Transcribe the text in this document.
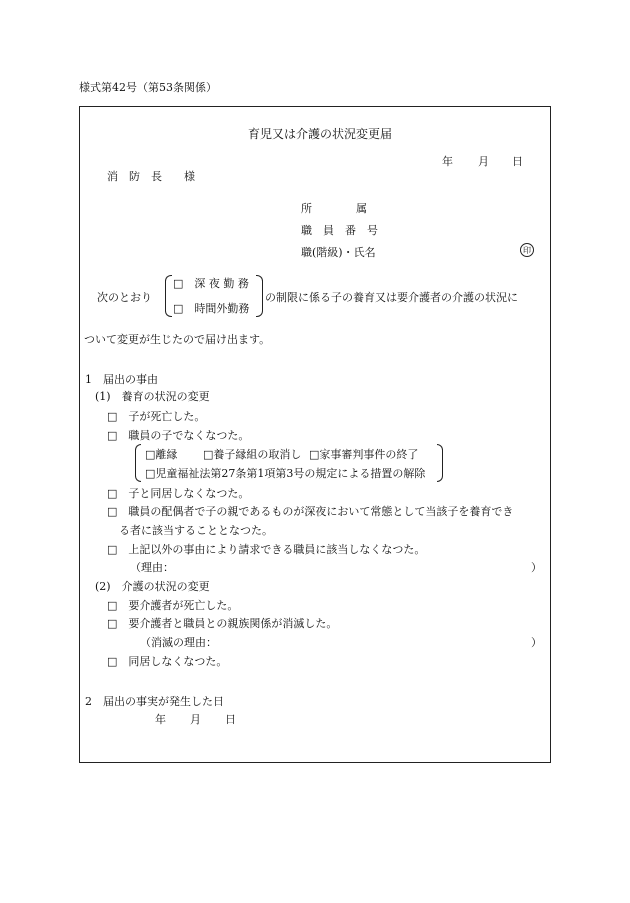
様式第42号（第53条関係）
育児又は介護の状況変更届
年 月 日
消　防　長　　様
所　　　　属
職　員　番　号
職(階級)・氏名	印
次のとおり
□　深 夜 勤 務
□　時間外勤務
の制限に係る子の養育又は要介護者の介護の状況に
ついて変更が生じたので届け出ます。
1　届出の事由
(1)　養育の状況の変更
□　子が死亡した。
□　職員の子でなくなつた。
□離縁 □養子縁組の取消し □家事審判事件の終了
□児童福祉法第27条第1項第3号の規定による措置の解除
□　子と同居しなくなつた。
□　職員の配偶者で子の親であるものが深夜において常態として当該子を養育でき
る者に該当することとなつた。
□　上記以外の事由により請求できる職員に該当しなくなつた。
（理由：	）
(2)　介護の状況の変更
□　要介護者が死亡した。
□　要介護者と職員との親族関係が消滅した。
（消滅の理由：	）
□　同居しなくなつた。
2　届出の事実が発生した日
年 月 日
